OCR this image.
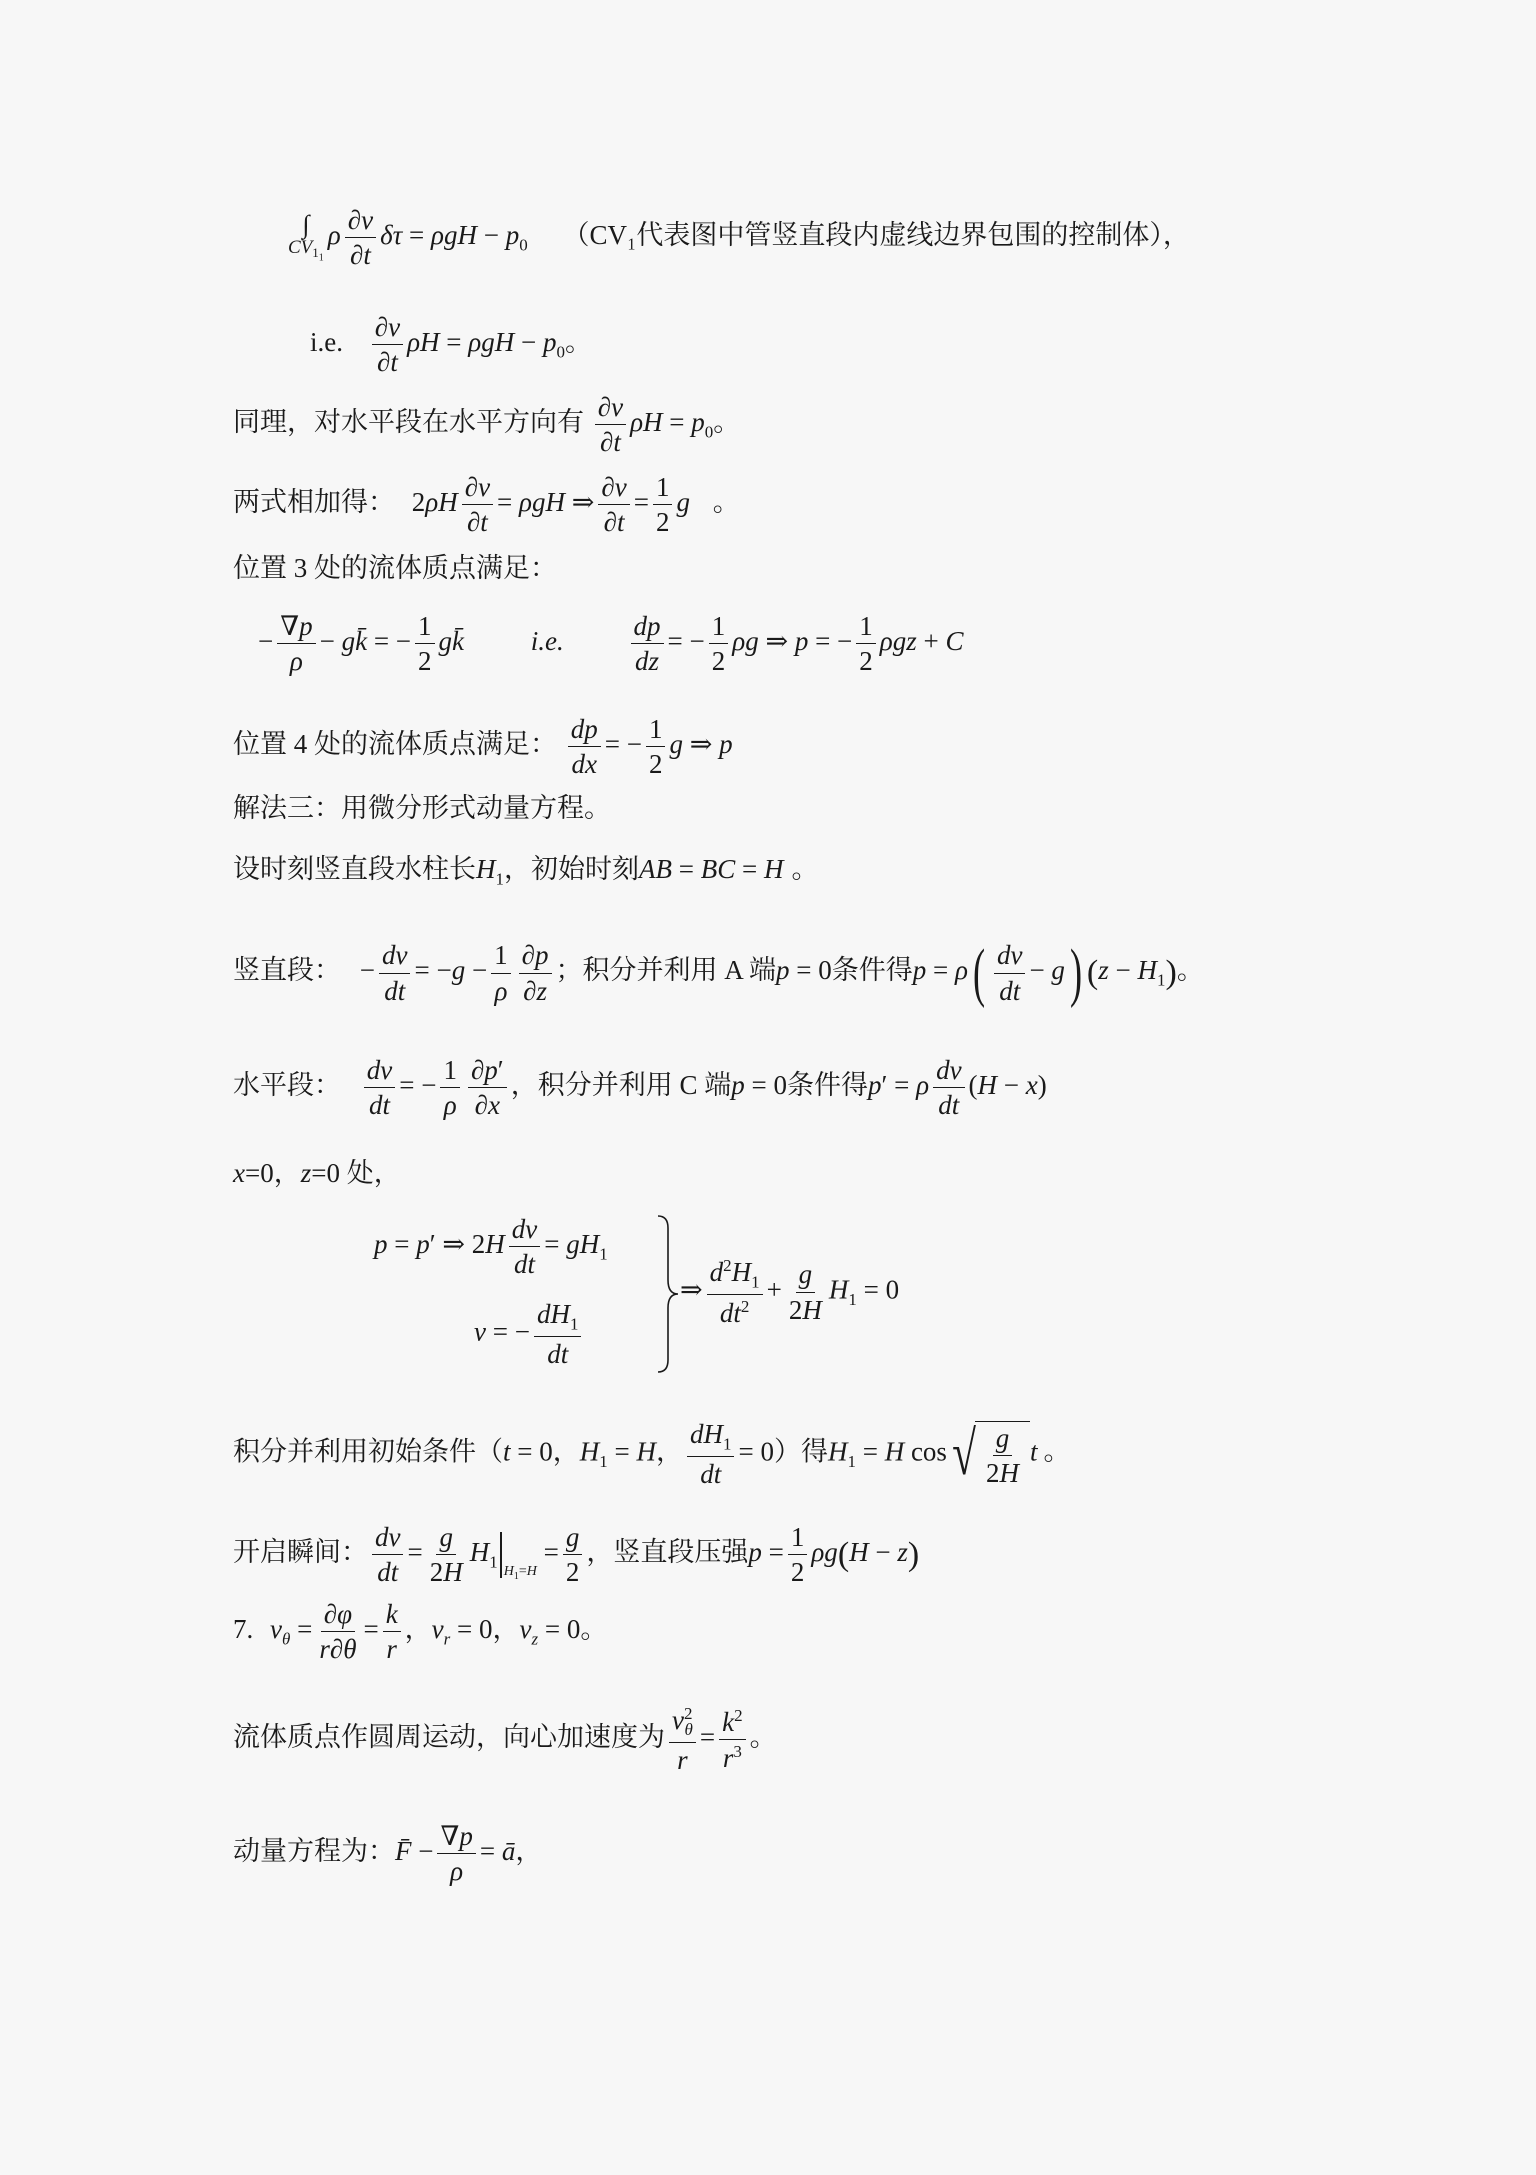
∫
$CV_{1_1}$
ρ $\frac{\partial v}{\partial t}$ $\delta\tau = \rho gH - p_0$ （CV₁代表图中管竖直段内虚线边界包围的控制体），
i.e. $\frac{\partial v}{\partial t}$ $\rho H = \rho gH - p_0$。
同理，对水平段在水平方向有 $\frac{\partial v}{\partial t}$ $\rho H = p_0$。
两式相加得： $2\rho H \frac{\partial v}{\partial t} = \rho gH$ ⇒ $\frac{\partial v}{\partial t} = \frac{1}{2}$ g 。
位置 3 处的流体质点满足：
− $\frac{\nabla p}{\rho}$ − gk̄ = − $\frac{1}{2}$ gk̄ i.e. $\frac{dp}{dz}$ = − $\frac{1}{2}$ ρg ⇒ p = − $\frac{1}{2}$ ρgz + C
位置 4 处的流体质点满足： $\frac{dp}{dx}$ = − $\frac{1}{2}$ g ⇒ p
解法三：用微分形式动量方程。
设时刻竖直段水柱长$H_1$，初始时刻AB = BC = H 。
竖直段： − $\frac{dv}{dt} = -g - \frac{1}{\rho} \frac{\partial p}{\partial z}$ ；积分并利用 A 端p = 0条件得$p = \rho( \frac{dv}{dt} - g)$ $(z - H_1)$。
水平段： $\frac{dv}{dt}$ = − $\frac{1}{\rho} \frac{\partial p'}{\partial x}$ ，积分并利用 C 端p = 0条件得p′ = ρ $\frac{dv}{dt} (H - x)$
x=0，z=0 处，
p = p′ ⇒ $2H \frac{dv}{dt} = gH_1$
v = − $\frac{dH_1}{dt}$
⇒ $\frac{d^2H_1}{dt^2} + \frac{g}{2H} H_1 = 0$
积分并利用初始条件（t = 0，$H_1 = H$， $\frac{dH_1}{dt} = 0$）得$H_1 = H$ cos √ $\frac{g}{2H}$ t 。
开启瞬间： $\frac{dv}{dt} = \frac{g}{2H} H_{1H_1=H} = \frac{g}{2}$ ，竖直段压强$p = \frac{1}{2} \rho g(H - z)$
7. $v_\theta = \frac{\partial\varphi}{r\partial\theta} = \frac{k}{r}$ ，$v_r = 0$，$v_z = 0$。
流体质点作圆周运动，向心加速度为 $\frac{v^2_\theta}{r} = \frac{k^2}{r^3}$ 。
动量方程为：F̄ − $\frac{\nabla p}{\rho}$ = ā，
